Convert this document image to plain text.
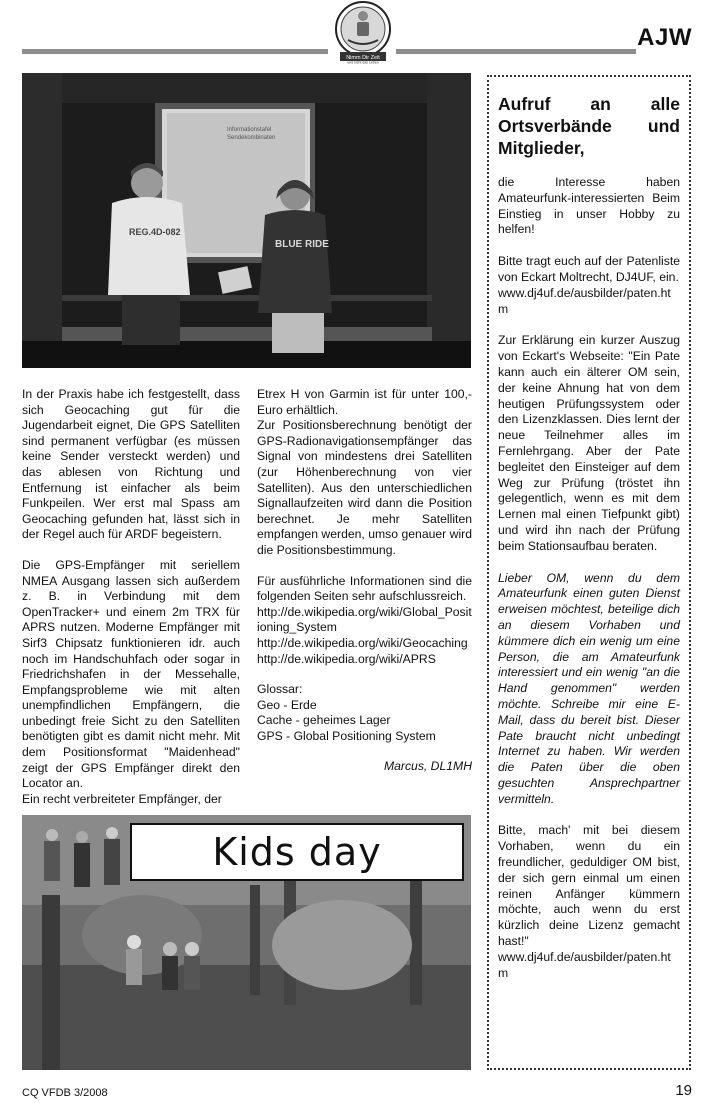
Nimm Dir Zeit
und nicht das Leben
AJW
Informationstafel
Sendekombinaten
REG.4D-082
BLUE RIDE

In der Praxis habe ich festgestellt, dass sich Geocaching gut für die Jugendarbeit eignet, Die GPS Satelliten sind permanent verfügbar (es müssen keine Sender versteckt werden) und das ablesen von Richtung und Entfernung ist einfacher als beim Funkpeilen. Wer erst mal Spass am Geocaching gefunden hat, lässt sich in der Regel auch für ARDF begeistern.

Die GPS-Empfänger mit seriellem NMEA Ausgang lassen sich außerdem z. B. in Verbindung mit dem OpenTracker+ und einem 2m TRX für APRS nutzen. Moderne Empfänger mit Sirf3 Chipsatz funktionieren idr. auch noch im Handschuhfach oder sogar in Friedrichshafen in der Messehalle, Empfangsprobleme wie mit alten unempfindlichen Empfängern, die unbedingt freie Sicht zu den Satelliten benötigten gibt es damit nicht mehr. Mit dem Positionsformat "Maidenhead" zeigt der GPS Empfänger direkt den Locator an.

Ein recht verbreiteter Empfänger, der

Etrex H von Garmin ist für unter 100,- Euro erhältlich.

Zur Positionsberechnung benötigt der GPS-Radionavigationsempfänger das Signal von mindestens drei Satelliten (zur Höhenberechnung von vier Satelliten). Aus den unterschiedlichen Signallaufzeiten wird dann die Position berechnet. Je mehr Satelliten empfangen werden, umso genauer wird die Positionsbestimmung.

Für ausführliche Informationen sind die folgenden Seiten sehr aufschlussreich.

http://de.wikipedia.org/wiki/Global_Positioning_System
http://de.wikipedia.org/wiki/Geocaching
http://de.wikipedia.org/wiki/APRS
Glossar:
Geo - Erde
Cache - geheimes Lager
GPS - Global Positioning System
Marcus, DL1MH
Kids day

Aufruf an alle Ortsverbände und Mitglieder,

die Interesse haben Amateurfunk-interessierten Beim Einstieg in unser Hobby zu helfen!

Bitte tragt euch auf der Patenliste von Eckart Moltrecht, DJ4UF, ein.

www.dj4uf.de/ausbilder/paten.htm

Zur Erklärung ein kurzer Auszug von Eckart's Webseite: "Ein Pate kann auch ein älterer OM sein, der keine Ahnung hat von dem heutigen Prüfungssystem oder den Lizenzklassen. Dies lernt der neue Teilnehmer alles im Fernlehrgang. Aber der Pate begleitet den Einsteiger auf dem Weg zur Prüfung (tröstet ihn gelegentlich, wenn es mit dem Lernen mal einen Tiefpunkt gibt) und wird ihn nach der Prüfung beim Stationsaufbau beraten.

Lieber OM, wenn du dem Amateurfunk einen guten Dienst erweisen möchtest, beteilige dich an diesem Vorhaben und kümmere dich ein wenig um eine Person, die am Amateurfunk interessiert und ein wenig "an die Hand genommen" werden möchte. Schreibe mir eine E-Mail, dass du bereit bist. Dieser Pate braucht nicht unbedingt Internet zu haben. Wir werden die Paten über die oben gesuchten Ansprechpartner vermitteln.

Bitte, mach' mit bei diesem Vorhaben, wenn du ein freundlicher, geduldiger OM bist, der sich gern einmal um einen reinen Anfänger kümmern möchte, auch wenn du erst kürzlich deine Lizenz gemacht hast!"

www.dj4uf.de/ausbilder/paten.htm

CQ VFDB 3/2008	19
